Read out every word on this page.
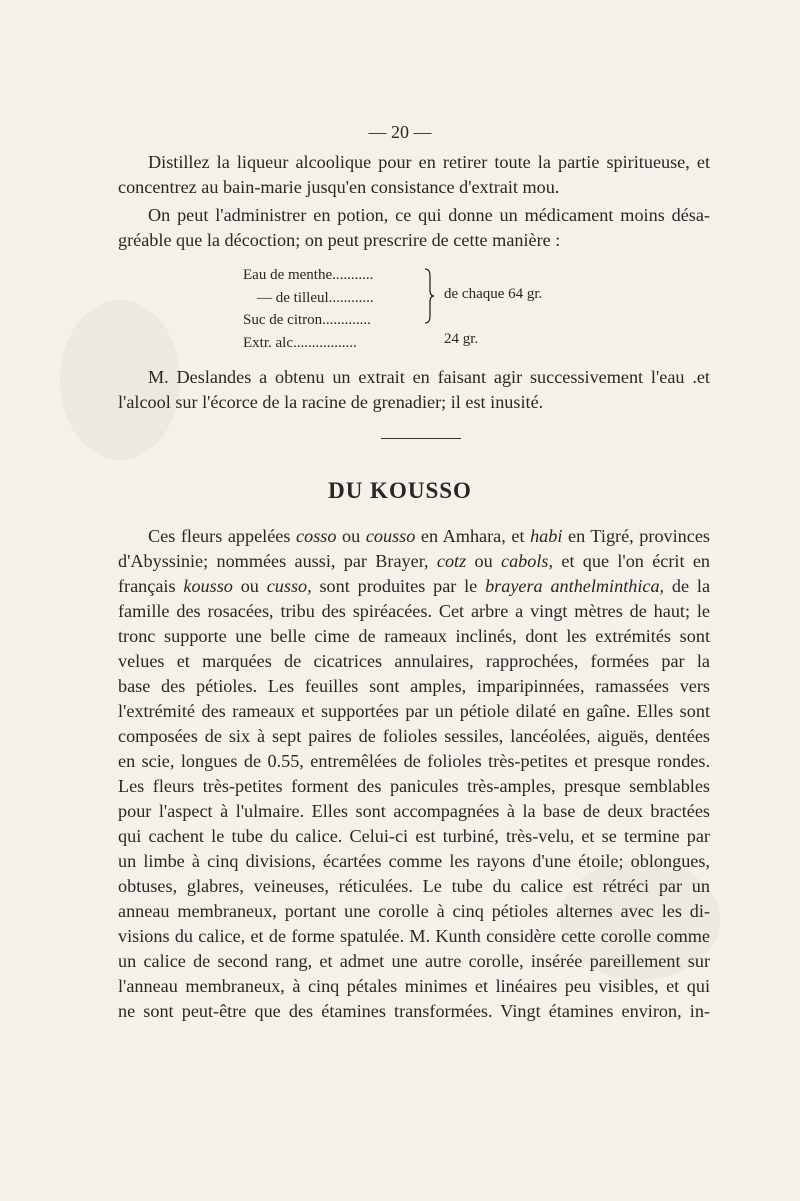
— 20 —
Distillez la liqueur alcoolique pour en retirer toute la partie spiritueuse, et
concentrez au bain-marie jusqu'en consistance d'extrait mou.
On peut l'administrer en potion, ce qui donne un médicament moins désa-
gréable que la décoction; on peut prescrire de cette manière :
Eau de menthe...........
— de tilleul............
Suc de citron.............
Extr. alc.................
de chaque 64 gr.
24 gr.
M. Deslandes a obtenu un extrait en faisant agir successivement l'eau .et
l'alcool sur l'écorce de la racine de grenadier; il est inusité.
DU KOUSSO
Ces fleurs appelées cosso ou cousso en Amhara, et habi en Tigré, provinces
d'Abyssinie; nommées aussi, par Brayer, cotz ou cabols, et que l'on écrit en
français kousso ou cusso, sont produites par le brayera anthelminthica, de la
famille des rosacées, tribu des spiréacées. Cet arbre a vingt mètres de haut; le
tronc supporte une belle cime de rameaux inclinés, dont les extrémités sont
velues et marquées de cicatrices annulaires, rapprochées, formées par la
base des pétioles. Les feuilles sont amples, imparipinnées, ramassées vers
l'extrémité des rameaux et supportées par un pétiole dilaté en gaîne. Elles sont
composées de six à sept paires de folioles sessiles, lancéolées, aiguës, dentées
en scie, longues de 0.55, entremêlées de folioles très-petites et presque rondes.
Les fleurs très-petites forment des panicules très-amples, presque semblables
pour l'aspect à l'ulmaire. Elles sont accompagnées à la base de deux bractées
qui cachent le tube du calice. Celui-ci est turbiné, très-velu, et se termine par
un limbe à cinq divisions, écartées comme les rayons d'une étoile; oblongues,
obtuses, glabres, veineuses, réticulées. Le tube du calice est rétréci par un
anneau membraneux, portant une corolle à cinq pétioles alternes avec les di-
visions du calice, et de forme spatulée. M. Kunth considère cette corolle comme
un calice de second rang, et admet une autre corolle, insérée pareillement sur
l'anneau membraneux, à cinq pétales minimes et linéaires peu visibles, et qui
ne sont peut-être que des étamines transformées. Vingt étamines environ, in-
